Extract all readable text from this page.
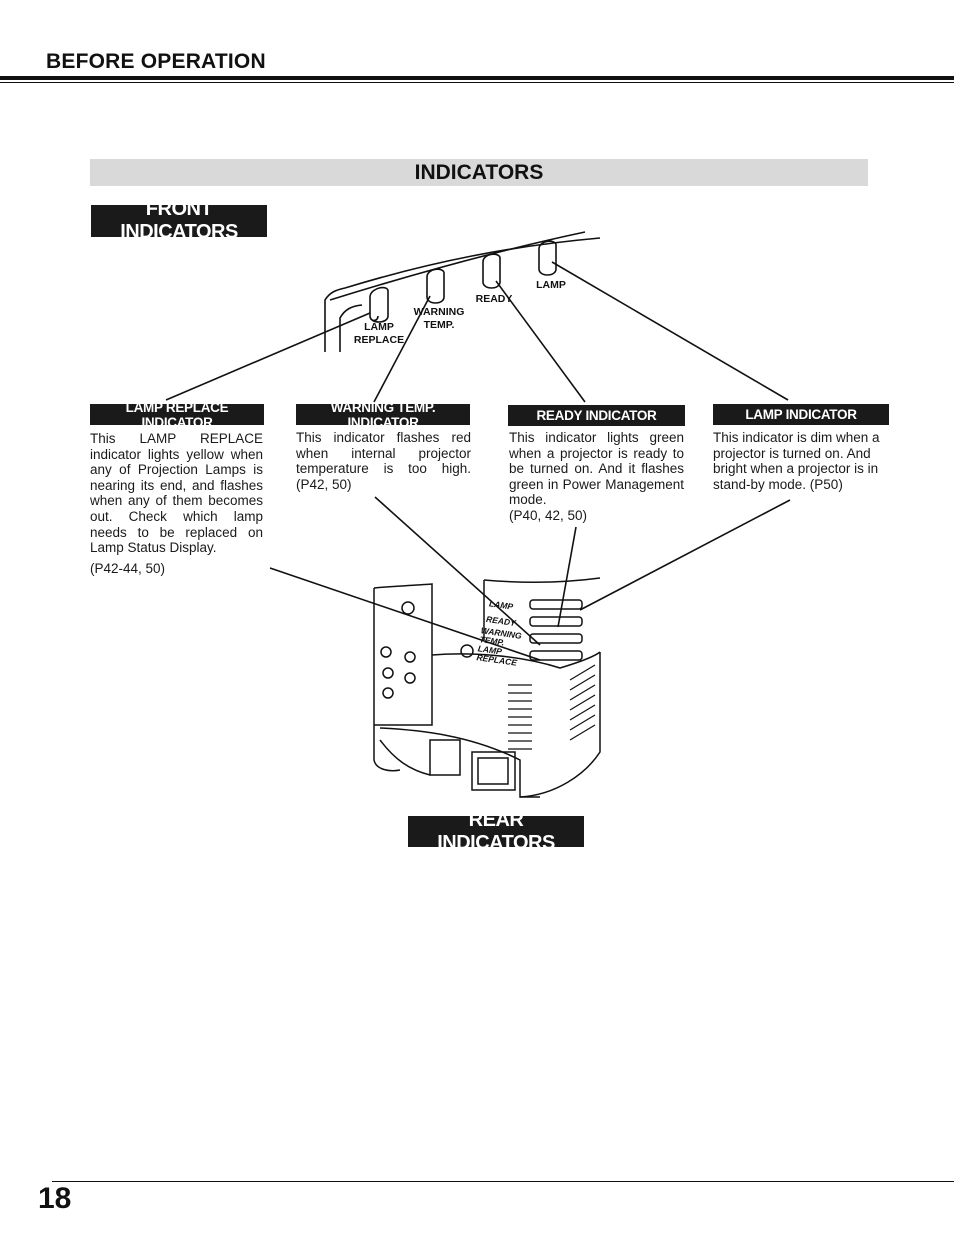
BEFORE OPERATION
INDICATORS
FRONT INDICATORS
LAMP
REPLACE
WARNING
TEMP.
READY
LAMP
LAMP
READY
WARNING
TEMP.
LAMP
REPLACE
LAMP REPLACE INDICATOR
This LAMP REPLACE indicator lights yellow when any of Projection Lamps is nearing its end, and flashes when any of them becomes out. Check which lamp needs to be replaced on Lamp Status Display.
(P42-44, 50)
WARNING TEMP. INDICATOR
This indicator flashes red when internal projector temperature is too high. (P42, 50)
READY INDICATOR
This indicator lights green when a projector is ready to be turned on. And it flashes green in Power Management mode.
(P40, 42, 50)
LAMP INDICATOR
This indicator is dim when a projector is turned on. And bright when a projector is in stand-by mode. (P50)
REAR INDICATORS
18
